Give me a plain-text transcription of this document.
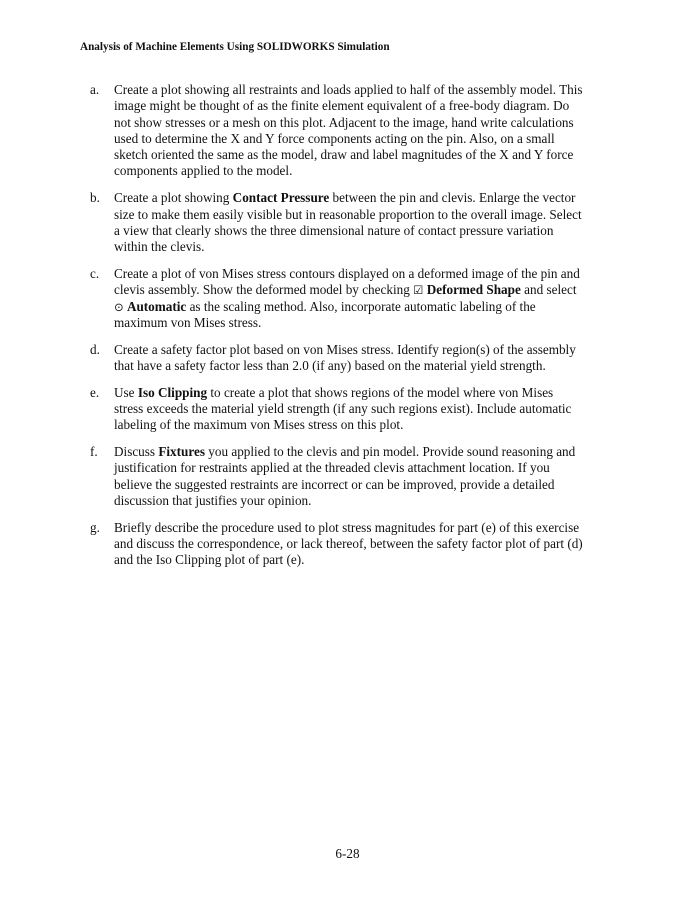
Analysis of Machine Elements Using SOLIDWORKS Simulation
a. Create a plot showing all restraints and loads applied to half of the assembly model. This image might be thought of as the finite element equivalent of a free-body diagram. Do not show stresses or a mesh on this plot. Adjacent to the image, hand write calculations used to determine the X and Y force components acting on the pin. Also, on a small sketch oriented the same as the model, draw and label magnitudes of the X and Y force components applied to the model.
b. Create a plot showing Contact Pressure between the pin and clevis. Enlarge the vector size to make them easily visible but in reasonable proportion to the overall image. Select a view that clearly shows the three dimensional nature of contact pressure variation within the clevis.
c. Create a plot of von Mises stress contours displayed on a deformed image of the pin and clevis assembly. Show the deformed model by checking ☑ Deformed Shape and select ⊙ Automatic as the scaling method. Also, incorporate automatic labeling of the maximum von Mises stress.
d. Create a safety factor plot based on von Mises stress. Identify region(s) of the assembly that have a safety factor less than 2.0 (if any) based on the material yield strength.
e. Use Iso Clipping to create a plot that shows regions of the model where von Mises stress exceeds the material yield strength (if any such regions exist). Include automatic labeling of the maximum von Mises stress on this plot.
f. Discuss Fixtures you applied to the clevis and pin model. Provide sound reasoning and justification for restraints applied at the threaded clevis attachment location. If you believe the suggested restraints are incorrect or can be improved, provide a detailed discussion that justifies your opinion.
g. Briefly describe the procedure used to plot stress magnitudes for part (e) of this exercise and discuss the correspondence, or lack thereof, between the safety factor plot of part (d) and the Iso Clipping plot of part (e).
6-28
